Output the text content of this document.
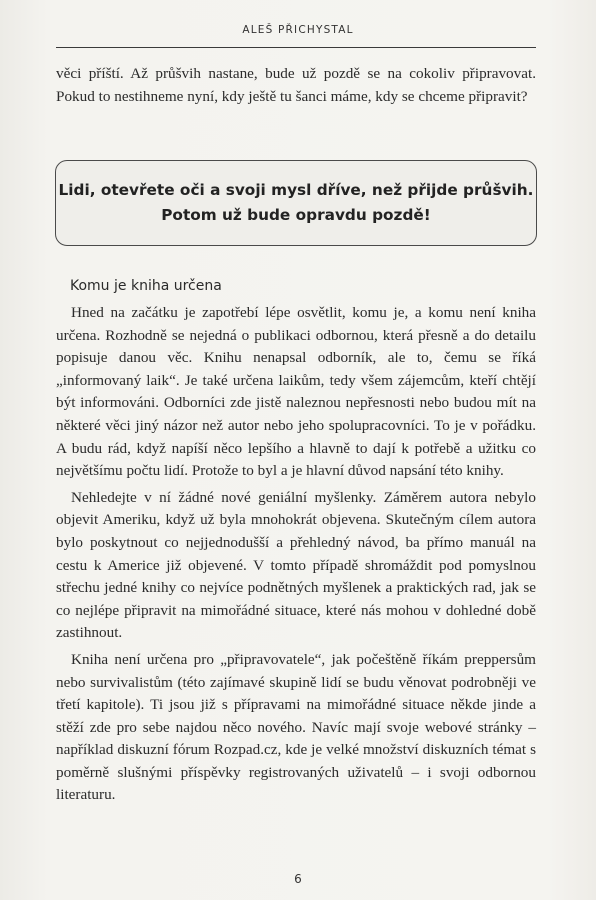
ALEŠ PŘICHYSTAL
věci příští. Až průšvih nastane, bude už pozdě se na cokoliv připravovat. Pokud to nestihneme nyní, kdy ještě tu šanci máme, kdy se chceme připravit?
Lidi, otevřete oči a svoji mysl dříve, než přijde průšvih.
Potom už bude opravdu pozdě!
Komu je kniha určena

Hned na začátku je zapotřebí lépe osvětlit, komu je, a komu není kniha určena. Rozhodně se nejedná o publikaci odbornou, která přesně a do detailu popisuje danou věc. Knihu nenapsal odborník, ale to, čemu se říká „informovaný laik“. Je také určena laikům, tedy všem zájemcům, kteří chtějí být informováni. Odborníci zde jistě naleznou nepřesnosti nebo budou mít na některé věci jiný názor než autor nebo jeho spolupracovníci. To je v pořádku. A budu rád, když napíší něco lepšího a hlavně to dají k potřebě a užitku co největšímu počtu lidí. Protože to byl a je hlavní důvod napsání této knihy.

Nehledejte v ní žádné nové geniální myšlenky. Záměrem autora nebylo objevit Ameriku, když už byla mnohokrát objevena. Skutečným cílem autora bylo poskytnout co nejjednodušší a přehledný návod, ba přímo manuál na cestu k Americe již objevené. V tomto případě shromáždit pod pomyslnou střechu jedné knihy co nejvíce podnětných myšlenek a praktických rad, jak se co nejlépe připravit na mimořádné situace, které nás mohou v dohledné době zastihnout.

Kniha není určena pro „připravovatele“, jak počeštěně říkám preppersům nebo survivalistům (této zajímavé skupině lidí se budu věnovat podrobněji ve třetí kapitole). Ti jsou již s přípravami na mimořádné situace někde jinde a stěží zde pro sebe najdou něco nového. Navíc mají svoje webové stránky – například diskuzní fórum Rozpad.cz, kde je velké množství diskuzních témat s poměrně slušnými příspěvky registrovaných uživatelů – i svoji odbornou literaturu.

6
